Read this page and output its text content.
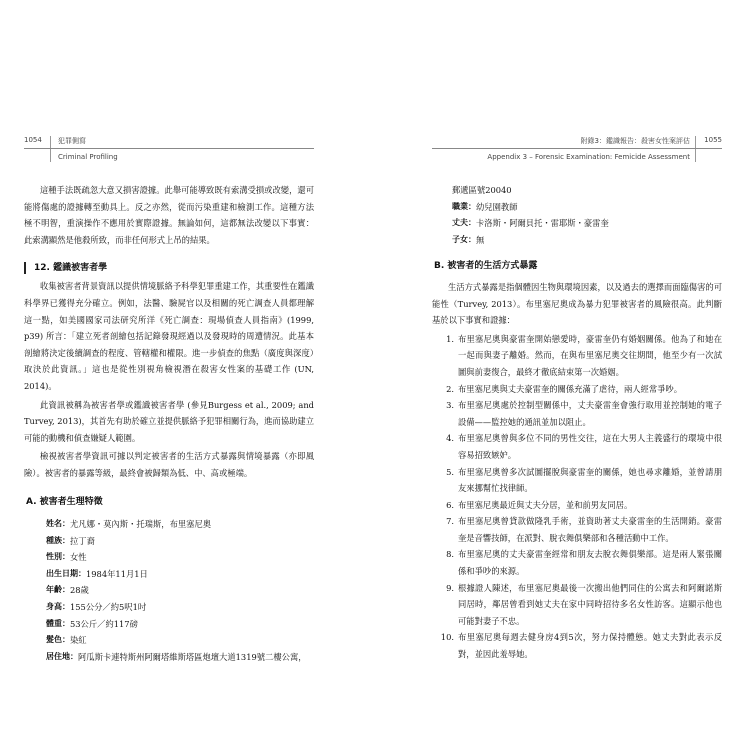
1054 犯罪側寫
Criminal Profiling

這種手法既疏忽大意又損害證據。此舉可能導致既有索溝受損或改變，還可能將傷處的證據轉至動具上。反之亦然，從而污染重建和檢測工作。這種方法極不明智，重演操作不應用於實際證據。無論如何，這都無法改變以下事實：此索溝顯然是他殺所致，而非任何形式上吊的結果。

12. 鑑識被害者學

收集被害者背景資訊以提供情境脈絡予科學犯罪重建工作，其重要性在鑑識科學界已獲得充分確立。例如，法醫、驗屍官以及相關的死亡調查人員都理解這一點，如美國國家司法研究所洋《死亡調查：現場偵查人員指南》(1999, p39) 所言：「建立死者剖繪包括記錄發現經過以及發現時的周遭情況。此基本剖繪將決定後續調查的程度、管轄權和權限。進一步偵查的焦點（廣度與深度）取決於此資訊。」這也是從性別視角檢視潛在殺害女性案的基礎工作 (UN, 2014)。

此資訊被稱為被害者學或鑑識被害者學 (參見Burgess et al., 2009; and Turvey, 2013)，其首先有助於確立並提供脈絡予犯罪相關行為，進而協助建立可能的動機和偵查嫌疑人範圍。

檢視被害者學資訊可據以判定被害者的生活方式暴露與情境暴露（亦即風險）。被害者的暴露等級，最終會被歸類為低、中、高或極端。

A. 被害者生理特徵
姓名： 尤凡娜・莫內斯・托瑞斯，布里塞尼奧
種族： 拉丁裔
性別： 女性
出生日期： 1984年11月1日
年齡： 28歲
身高： 155公分／約5呎1吋
體重： 53公斤／約117磅
髮色： 染紅
居住地： 阿瓜斯卡連特斯州阿爾塔維斯塔區炮壇大道1319號二樓公寓，
1055
附錄3：鑑識報告：殺害女性案評估
Appendix 3 – Forensic Examination: Femicide Assessment
郵遞區號20040
職業： 幼兒園教師
丈夫： 卡洛斯・阿爾貝托・雷耶斯・豪雷奎
子女： 無
B. 被害者的生活方式暴露

生活方式暴露是指個體因生物與環境因素，以及過去的選擇而面臨傷害的可能性（Turvey, 2013）。布里塞尼奧成為暴力犯罪被害者的風險很高。此判斷基於以下事實和證據：

1. 布里塞尼奧與豪雷奎開始戀愛時，豪雷奎仍有婚姻關係。他為了和她在一起而與妻子離婚。然而，在與布里塞尼奧交往期間，他至少有一次試圖與前妻復合，最終才徹底結束第一次婚姻。
2. 布里塞尼奧與丈夫豪雷奎的關係充滿了虐待，兩人經常爭吵。
3. 布里塞尼奧處於控制型關係中，丈夫豪雷奎會強行取用並控制她的電子設備——監控她的通訊並加以阻止。
4. 布里塞尼奧曾與多位不同的男性交往，這在大男人主義盛行的環境中很容易招致嫉妒。
5. 布里塞尼奧曾多次試圖擺脫與豪雷奎的關係，她也尋求離婚，並曾請朋友來挪幫忙找律師。
6. 布里塞尼奧最近與丈夫分居，並和前男友同居。
7. 布里塞尼奧曾貸款做隆乳手術，並資助著丈夫豪雷奎的生活開銷。豪雷奎是音響技師，在派對、脫衣舞俱樂部和各種活動中工作。
8. 布里塞尼奧的丈夫豪雷奎經常和朋友去脫衣舞俱樂部。這是兩人緊張關係和爭吵的來源。
9. 根據證人陳述，布里塞尼奧最後一次搬出他們同住的公寓去和阿爾諾斯同居時，鄰居曾看到她丈夫在家中同時招待多名女性訪客。這顯示他也可能對妻子不忠。
10. 布里塞尼奧每週去健身房4到5次，努力保持體態。她丈夫對此表示反對，並因此羞辱她。
